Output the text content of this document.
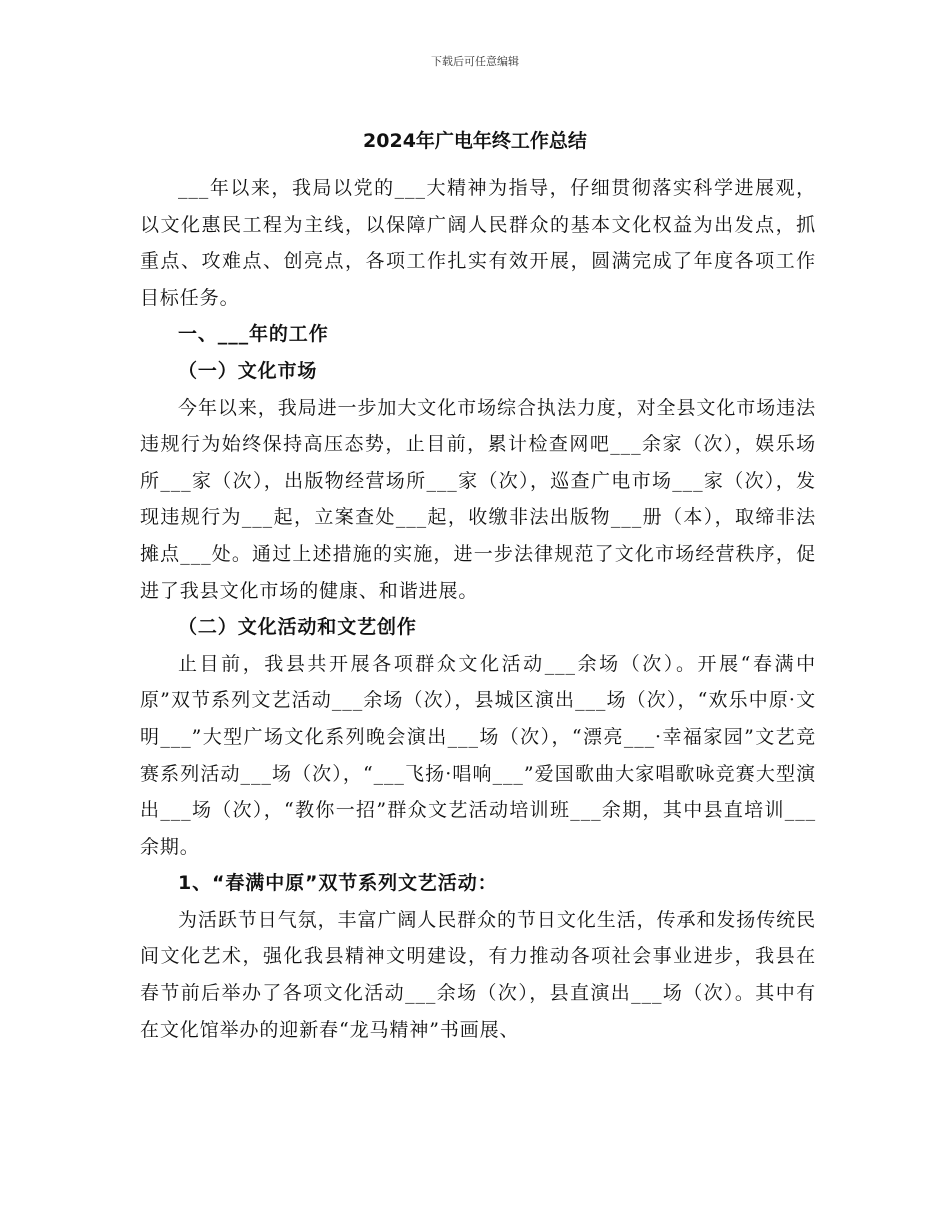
下载后可任意编辑
2024年广电年终工作总结

___年以来，我局以党的___大精神为指导，仔细贯彻落实科学进展观，以文化惠民工程为主线，以保障广阔人民群众的基本文化权益为出发点，抓重点、攻难点、创亮点，各项工作扎实有效开展，圆满完成了年度各项工作目标任务。

一、___年的工作

（一）文化市场

今年以来，我局进一步加大文化市场综合执法力度，对全县文化市场违法违规行为始终保持高压态势，止目前，累计检查网吧___余家（次），娱乐场所___家（次），出版物经营场所___家（次），巡查广电市场___家（次），发现违规行为___起，立案查处___起，收缴非法出版物___册（本），取缔非法摊点___处。通过上述措施的实施，进一步法律规范了文化市场经营秩序，促进了我县文化市场的健康、和谐进展。

（二）文化活动和文艺创作

止目前，我县共开展各项群众文化活动___余场（次）。开展“春满中原”双节系列文艺活动___余场（次），县城区演出___场（次），“欢乐中原·文明___”大型广场文化系列晚会演出___场（次），“漂亮___·幸福家园”文艺竞赛系列活动___场（次），“___飞扬·唱响___”爱国歌曲大家唱歌咏竞赛大型演出___场（次），“教你一招”群众文艺活动培训班___余期，其中县直培训___余期。

1、“春满中原”双节系列文艺活动：

为活跃节日气氛，丰富广阔人民群众的节日文化生活，传承和发扬传统民间文化艺术，强化我县精神文明建设，有力推动各项社会事业进步，我县在春节前后举办了各项文化活动___余场（次），县直演出___场（次）。其中有在文化馆举办的迎新春“龙马精神”书画展、
